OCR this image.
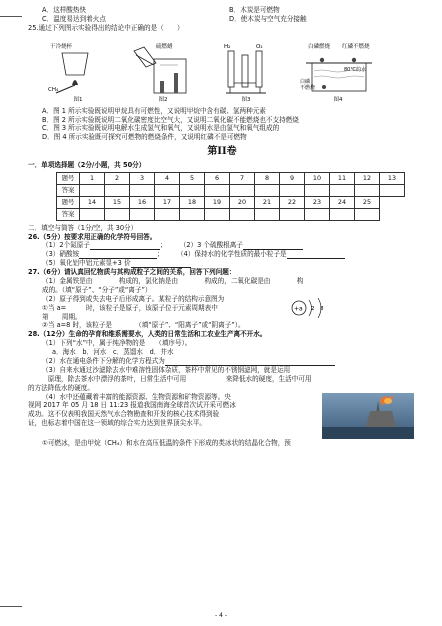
A．这样酸热快	B．木炭是可燃物
C．温度易达到着火点	D．使木炭与空气充分接触
25.通过下列图示实验得出的结论中正确的是（　　）
干冷烧杯
CH₄
图1
硫燃蜡
图2
H₂	O₂
图3
白磷燃烧 红磷不燃烧
80℃的水
白磷
不燃烧
图4
A．图 1 所示实验既说明甲烷具有可燃性，又说明甲烷中含有碳、氢两种元素
B．图 2 所示实验既说明二氧化碳密度比空气大，又说明二氧化碳不能燃烧也不支持燃烧
C．图 3 所示实验既说明电解水生成氢气和氧气，又说明水是由氢气和氧气组成的
D．图 4 所示实验既可探究可燃物的燃烧条件，又说明红磷不是可燃物
第II卷
一．单项选择题（2分/小题，共 50分）
题号	1	2	3	4	5	6	7	8	9	10	11	12	13
答案													
题号	14	15	16	17	18	19	20	21	22	23	24	25	
答案													
二．填空与简答（1分/空，共 30分）
26.（5分）按要求用正确的化学符号回答。
（1）2个氮原子	；　　　（2）3 个硫酸根离子
（3）硝酸铵	；　　　（4）保持水的化学性质的最小粒子是
（5）氧化铝中铝元素显+3 价
27.（6分）请认真回忆物质与其构成粒子之间的关系，回答下列问题：
（1）金属铁是由　　　　构成的，氯化钠是由　　　　构成的，二氧化碳是由　　　　构
成的。（填“原子”、“分子”或“离子”）
（2）原子得到或失去电子后形成离子。某粒子的结构示意图为
①当 a=　　　时，该粒子是原子，该原子位于元素周期表中
第　　周期。
+a 2 8
②当 a=8 时，该粒子是　　　　（填“原子”、“阳离子”或“阴离子”）。
28.（12分）生命的孕育和维系需要水，人类的日常生活和工农业生产离不开水。
（1）下列“水”中，属于纯净物的是　　（填序号）。
a．海水　b．河水　c．蒸馏水　d．井水
（2）水在通电条件下分解的化学方程式为
（3）自来水通过沙滤除去水中难溶性固体杂质，茶杯中常见的不锈钢滤网，就是运用
　　　原理，除去茶水中漂浮的茶叶，日常生活中可用　　　　　　来降低水的硬度，生活中可用　　
的方法降低水的硬度。
（4）水中还蕴藏着丰富的能源资源、生物资源和矿物资源等。央
视网 2017 年 05 月 18 日 11:23 报道我国南海全球首次试开采可燃冰
成功。这不仅表明我国天然气水合物勘查和开发的核心技术得到验
证，也标志着中国在这一领域的综合实力达到世界顶尖水平。
①可燃冰，是由甲烷（CH₄）和水在高压低温的条件下形成的类冰状的结晶化合物，预
- 4 -
